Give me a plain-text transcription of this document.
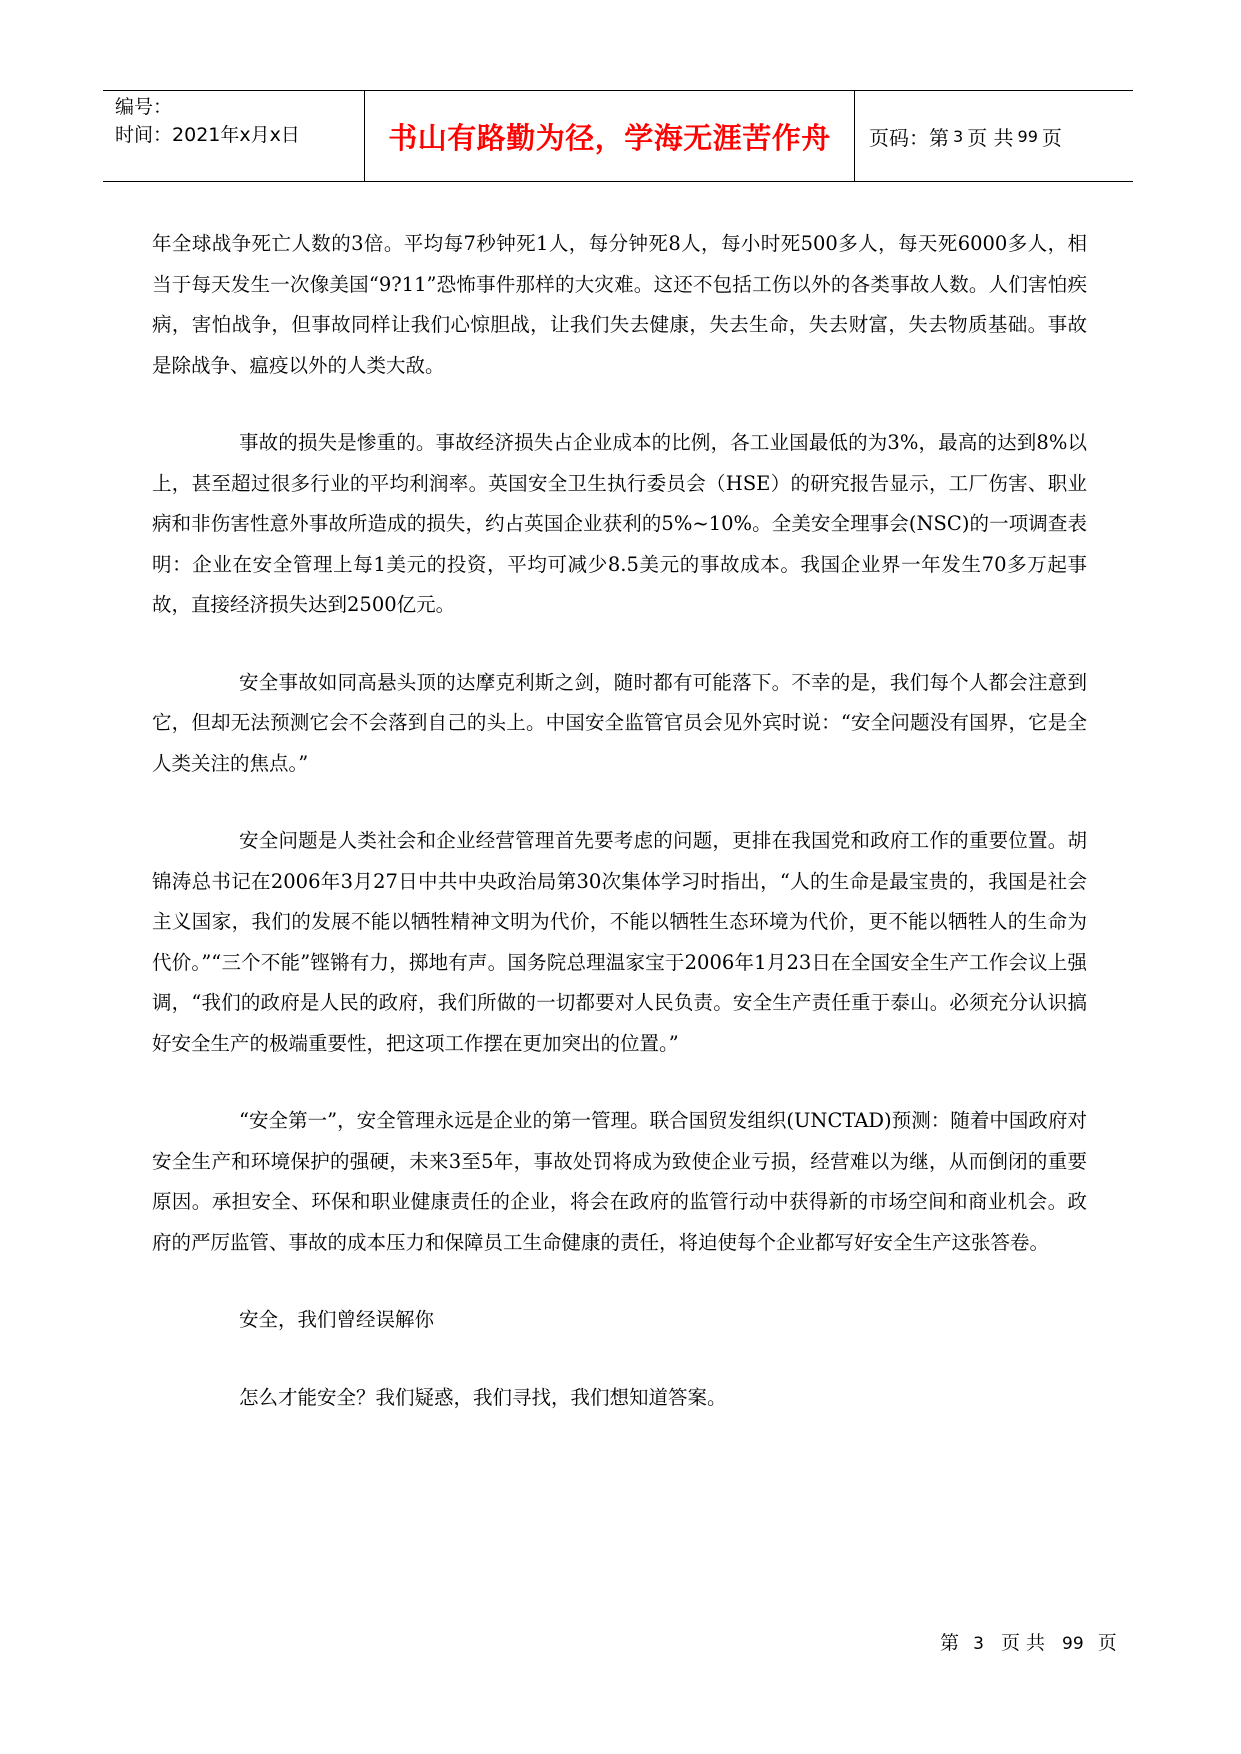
编号：
时间： 2021年x月x日	书山有路勤为径，学海无涯苦作舟	页码：第 3 页 共 99 页

年全球战争死亡人数的3倍。平均每7秒钟死1人，每分钟死8人，每小时死500多人，每天死6000多人，相当于每天发生一次像美国“9?11”恐怖事件那样的大灾难。这还不包括工伤以外的各类事故人数。人们害怕疾病，害怕战争，但事故同样让我们心惊胆战，让我们失去健康，失去生命，失去财富，失去物质基础。事故是除战争、瘟疫以外的人类大敌。

事故的损失是惨重的。事故经济损失占企业成本的比例，各工业国最低的为3%，最高的达到8%以上，甚至超过很多行业的平均利润率。英国安全卫生执行委员会（HSE）的研究报告显示，工厂伤害、职业病和非伤害性意外事故所造成的损失，约占英国企业获利的5%~10%。全美安全理事会(NSC)的一项调查表明：企业在安全管理上每1美元的投资，平均可减少8.5美元的事故成本。我国企业界一年发生70多万起事故，直接经济损失达到2500亿元。

安全事故如同高悬头顶的达摩克利斯之剑，随时都有可能落下。不幸的是，我们每个人都会注意到它，但却无法预测它会不会落到自己的头上。中国安全监管官员会见外宾时说：“安全问题没有国界，它是全人类关注的焦点。”

安全问题是人类社会和企业经营管理首先要考虑的问题，更排在我国党和政府工作的重要位置。胡锦涛总书记在2006年3月27日中共中央政治局第30次集体学习时指出，“人的生命是最宝贵的，我国是社会主义国家，我们的发展不能以牺牲精神文明为代价，不能以牺牲生态环境为代价，更不能以牺牲人的生命为代价。”“三个不能”铿锵有力，掷地有声。国务院总理温家宝于2006年1月23日在全国安全生产工作会议上强调，“我们的政府是人民的政府，我们所做的一切都要对人民负责。安全生产责任重于泰山。必须充分认识搞好安全生产的极端重要性，把这项工作摆在更加突出的位置。”

“安全第一”，安全管理永远是企业的第一管理。联合国贸发组织(UNCTAD)预测：随着中国政府对安全生产和环境保护的强硬，未来3至5年，事故处罚将成为致使企业亏损，经营难以为继，从而倒闭的重要原因。承担安全、环保和职业健康责任的企业，将会在政府的监管行动中获得新的市场空间和商业机会。政府的严厉监管、事故的成本压力和保障员工生命健康的责任，将迫使每个企业都写好安全生产这张答卷。

安全，我们曾经误解你

怎么才能安全？我们疑惑，我们寻找，我们想知道答案。

第 3 页 共 99 页
